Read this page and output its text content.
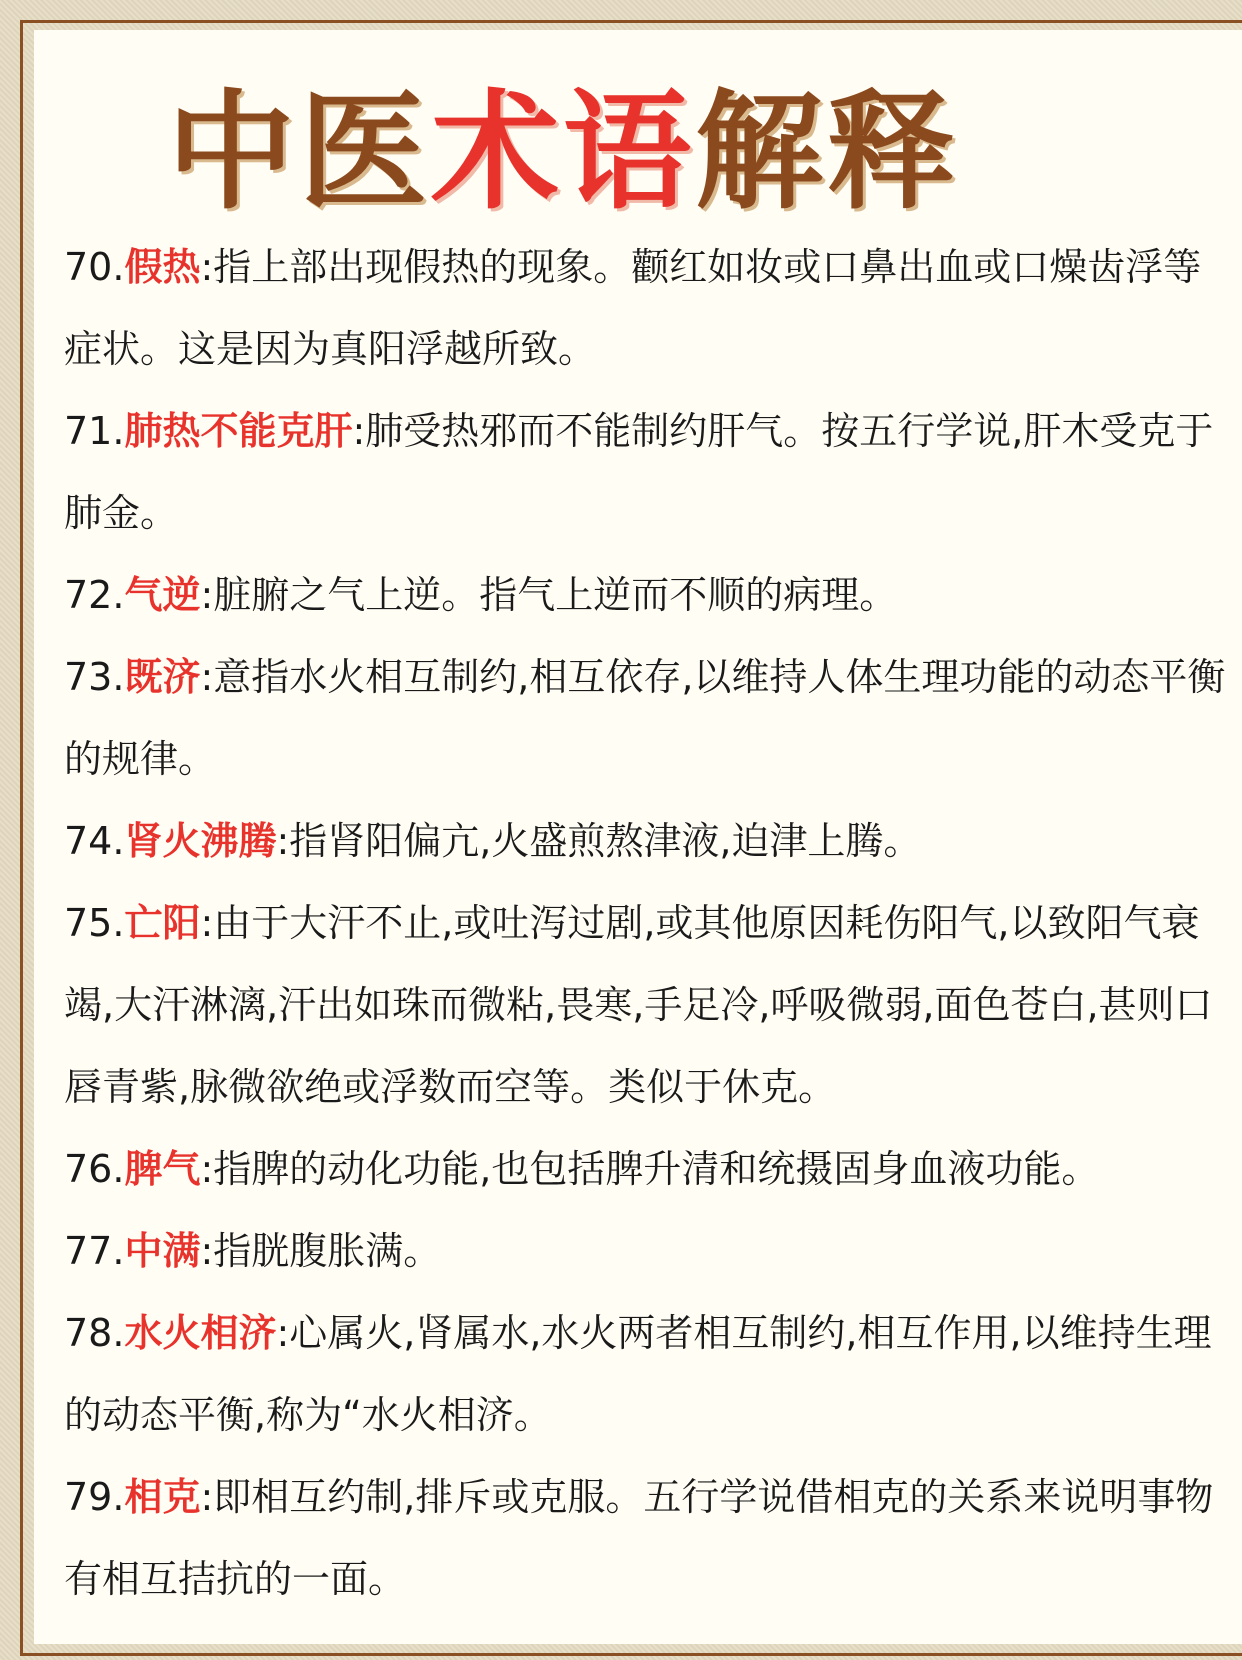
中医术语解释
70.假热:指上部出现假热的现象。颧红如妆或口鼻出血或口燥齿浮等症状。这是因为真阳浮越所致。
71.肺热不能克肝:肺受热邪而不能制约肝气。按五行学说,肝木受克于肺金。
72.气逆:脏腑之气上逆。指气上逆而不顺的病理。
73.既济:意指水火相互制约,相互依存,以维持人体生理功能的动态平衡的规律。
74.肾火沸腾:指肾阳偏亢,火盛煎熬津液,迫津上腾。
75.亡阳:由于大汗不止,或吐泻过剧,或其他原因耗伤阳气,以致阳气衰竭,大汗淋漓,汗出如珠而微粘,畏寒,手足冷,呼吸微弱,面色苍白,甚则口唇青紫,脉微欲绝或浮数而空等。类似于休克。
76.脾气:指脾的动化功能,也包括脾升清和统摄固身血液功能。
77.中满:指胱腹胀满。
78.水火相济:心属火,肾属水,水火两者相互制约,相互作用,以维持生理的动态平衡,称为“水火相济。
79.相克:即相互约制,排斥或克服。五行学说借相克的关系来说明事物有相互拮抗的一面。
